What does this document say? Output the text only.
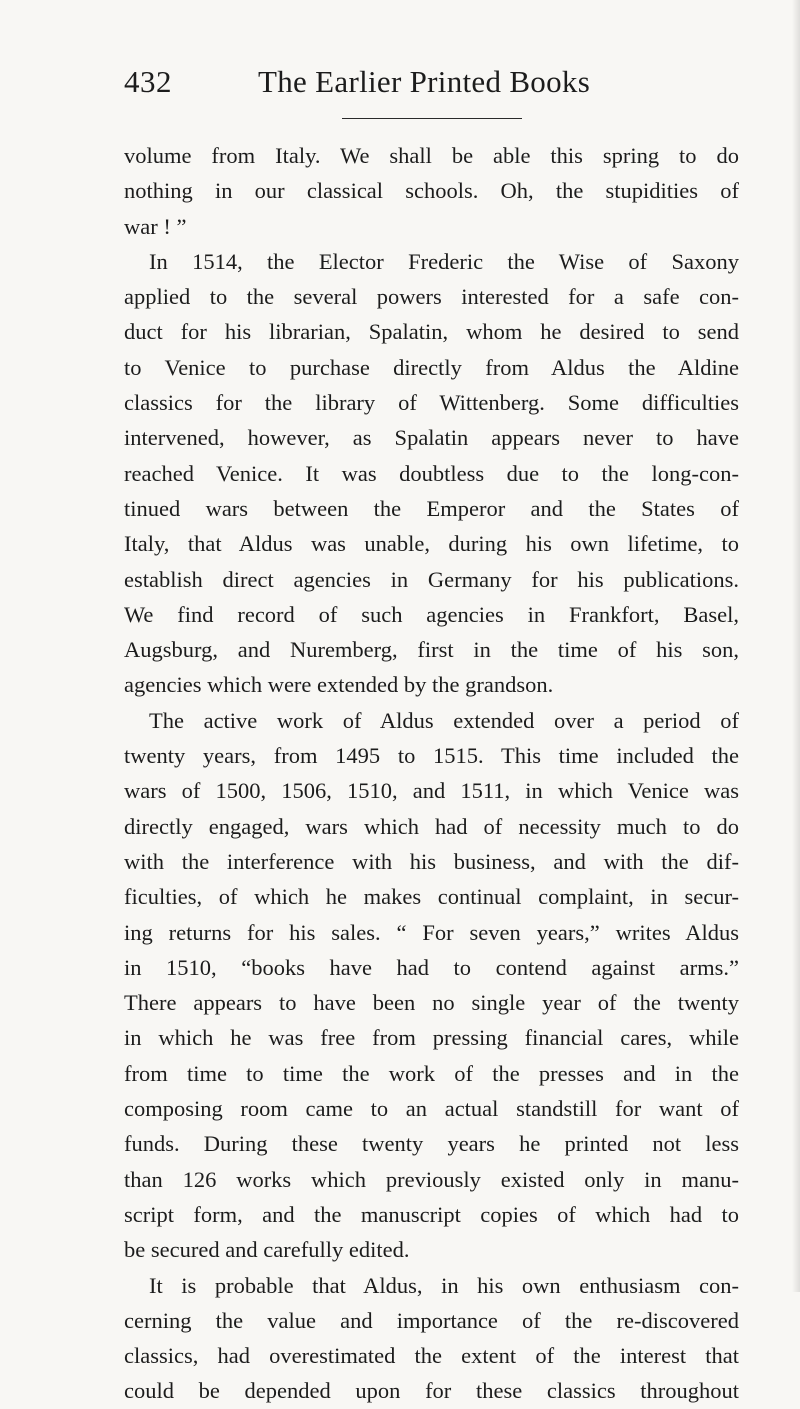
432	The Earlier Printed Books
volume from Italy. We shall be able this spring to do
nothing in our classical schools. Oh, the stupidities of
war ! ”
In 1514, the Elector Frederic the Wise of Saxony
applied to the several powers interested for a safe con-
duct for his librarian, Spalatin, whom he desired to send
to Venice to purchase directly from Aldus the Aldine
classics for the library of Wittenberg. Some difficulties
intervened, however, as Spalatin appears never to have
reached Venice. It was doubtless due to the long-con-
tinued wars between the Emperor and the States of
Italy, that Aldus was unable, during his own lifetime, to
establish direct agencies in Germany for his publications.
We find record of such agencies in Frankfort, Basel,
Augsburg, and Nuremberg, first in the time of his son,
agencies which were extended by the grandson.
The active work of Aldus extended over a period of
twenty years, from 1495 to 1515. This time included the
wars of 1500, 1506, 1510, and 1511, in which Venice was
directly engaged, wars which had of necessity much to do
with the interference with his business, and with the dif-
ficulties, of which he makes continual complaint, in secur-
ing returns for his sales. “ For seven years,” writes Aldus
in 1510, “books have had to contend against arms.”
There appears to have been no single year of the twenty
in which he was free from pressing financial cares, while
from time to time the work of the presses and in the
composing room came to an actual standstill for want of
funds. During these twenty years he printed not less
than 126 works which previously existed only in manu-
script form, and the manuscript copies of which had to
be secured and carefully edited.
It is probable that Aldus, in his own enthusiasm con-
cerning the value and importance of the re-discovered
classics, had overestimated the extent of the interest that
could be depended upon for these classics throughout
